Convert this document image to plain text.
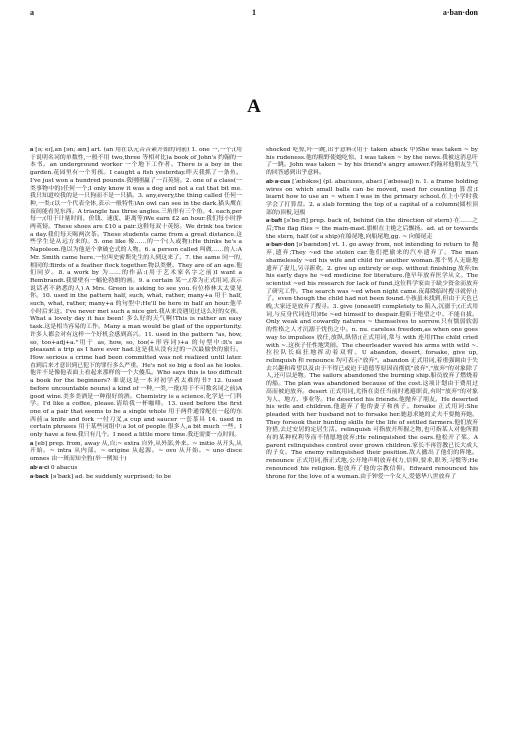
a	1	a·ban·don
A

a [ə; eɪ],an [ən; æn] art. (an 用在以元音音素开始的词前) 1. one 一,一个;(用于说明名词的单数性,一般不用 two,three 等相对比)a book of John's 约翰的一本书。an underground worker 一个地下工作者。There is a boy in the garden.花园里有一个男孩。I caught a fish yesterday.昨天我抓了一条鱼。I've just won a hundred pounds.我刚刚赢了一百英镑。2. one of a class(一类事物中的)任何一个;I only know it was a dog and not a cat that bit me.我只知道咬我的是一只狗而不是一只猫。3. any,every,the thing called 任何一种,一类:(以一个代表全体,表示一般特性)An owl can see in the dark.猫头鹰在夜间能看见东西。A triangle has three angles.三角形有三个角。4. each,per 每一;(用于计量时间、价钱、速度、距离等)We earn £2 an hour.我们每小时挣两英镑。These shoes are £10 a pair.这鞋每双十英镑。We drink tea twice a day.我们每天喝两次茶。These students came from a great distance.这些学生是从远方来的。5. one like 像……的一个(人或物):He thinks he's a Napoleon.他以为他是个拿破仑式的人物。6. a person called 叫做……的人:A Mr. Smith came here.一位叫史密斯先生的人到这来了。7. the same 同一的,相同的:Birds of a feather flock together.物以类聚。They are of an age.他们同岁。8. a work by 为……的作品:(用于艺术家名字之前)I want a Rembrandt.我要壁有一幅伦勃朗的画。9. a certain 某一,(常为正式用词,表示说话者不熟悉的人) A Mrs. Green is asking to see you.有位格林太太要见你。10. used in the pattern half, such, what, rather, many+a 用于 half, such, what, rather, many+a 的句型中:He'll be here in half an hour.他半小时后来这。I've never met such a nice girl.我从来没遇见过这么好的女孩。What a lovely day it has been! 多么好的天气啊!This is rather an easy task.这是相当容易的工作。Many a man would be glad of the opportunity.许多人都会对有这样一个好机会感到高兴。11. used in the pattern "as, how, so, too+adj+a."用于 as, how, so, too(+形容词)+a 的句型中:It's as pleasant a trip as I have ever had.这是我从没有过的一次最愉快的旅行。How serious a crime had been committed was not realized until later.直到后来才意识到已犯下的罪行多么严重。He's not so big a fool as he looks.他并不是像他表面上看起来那样的一个大傻瓜。Who says this is too difficult a book for the beginners? 谁说这是一本对初学者太难的书? 12. (used before uncountable nouns) a kind of 一种,一类,一批(用于不可数名词之前)A good wine.美多美酒是一种很好的酒。Chemistry is a science.化学是一门科学。I'd like a coffee, please.请给我一杯咖啡。13. used before the first one of a pair that seems to be a single whole 用于两件通常配在一起的东西前:a knife and fork 一付刀叉,a cup and saucer 一套茶具 14. used in certain phrases 用于某些词组中:a lot of people 很多人,a bit much 一些。I only have a few.我只有几个。I need a little more time.我还需要一点时间。

a [eb] prep. from, away 从,自;~ extra 自外,从外部,外来。~ initio 从开头,从开始。~ intra 从内部。~ origine 从起源。~ ovo 从开始。~ uno disce omnes 由一斑而知全豹(举一例知十)

ab·a·ci 0 abacus

a·back [əˈbæk] ad. be suddenly surprised; to be

shocked 吃惊,吓一跳,出乎意料:(用于 taken aback 中)She was taken ~ by his rudeness.他的粗野使她吃惊。I was taken ~ by the news.我被这消息吓了一跳。John was taken ~ by his friend's angry answer.约翰对他朋友生气的回答感到出乎意料。

ab·a·cus [ˈæbəkəs] (pl. abacuses, abaci [ˈæbəsaɪ]) n. 1. a frame holding wires on which small balls can be moved, used for counting 算盘;I learnt how to use an ~ when I was in the primary school.在上小学时我学会了打算盘。2. a slab forming the top of a capital of a column(圆柱顶部的)顶板,冠板

a·baft [əˈbɑːft] prep. back of, behind (in the direction of stern) 在……之后;The flag flies ~ the main-mast.旗帜在主桅之后飘扬。ad. at or towards the stern, half (of a ship)在船尾地,向船尾地,gg. ~ 向船尾走

a·ban·don [əˈbændən] vt. 1. go away from, not intending to return to 抛弃,遗弃;They ~ed the stolen car.他们把偷来的汽车遗弃了。The man shamelessly ~ed his wife and child for another woman.那个男人无耻地遗弃了妻儿,另寻新欢。2. give up entirely or esp. without finishing 放弃;In his early days he ~ed medicine for literature.他早年放弃医学从文。The scientist ~ed his research for lack of fund.这位科学家由于缺少资金而放弃了研究工作。The search was ~ed when night came.夜幕降临时搜寻就停止了。even though the child had not been found.小孩虽未找到,但由于天色已晚,大家还是放弃了搜寻。3. give (oneself) completely to 陷入,沉溺于;(正式用词,与反身代词连用)He ~ed himself to despair.他陷于绝望之中。不能自拔。Only weak and cowardly natures ~ themselves to sorrow.只有懦弱软弱的性格之人才沉溺于忧伤之中。n. nu. careless freedom,as when one goes way to impulses 放任,放纵,纵情;(正式用词,常与 with 连用)The child cried with ~.这孩子任性地哭闹。The cheerleader waved his arms with wild ~.拉拉队长疯狂地挥动着双臂。U abandon, desert, forsake, give up, relinquish 和 renounce 均可表示"放弃"。abandon 正式用词,着重强调由于失去兴趣和希望以及由于不得已或迫于道德等原因而彻底"放弃","放弃"的对象除了人,还可以是物。The sailors abandoned the burning ship.船员放弃了燃烧着的船。The plan was abandoned because of the cost.这项计划由于费用过高而被迫放弃。desert 正式用词,尤指在责任当前时逃避职责,有时"放弃"的对象为人、地方、事业等。He deserted his friends.他抛弃了朋友。He deserted his wife and children.他遗弃了他的妻子和孩子。forsake 正式用词:She pleaded with her husband not to forsake her.她恳求她的丈夫不要抛弃她。They forsook their hunting skills for the life of settled farmers.他们放弃狩猎,去过安居的定居生活。relinquish 可指放开所握之物,也可指某人对他所拥有的某种权利等而不情愿地放弃;He relinquished the oars.他松开了桨。A parent relinquishes control over grown children.家长不再管教已长大成人的子女。The enemy relinquished their position.敌人撤出了他们的阵地。renounce 正式用词,指正式地,公开地声明放弃权力,信仰,要求,职务,习惯等;He renounced his religion.他放弃了他的宗教信仰。Edward renounced his throne for the love of a woman.由于钟爱一个女人,爱德华八世放弃了
